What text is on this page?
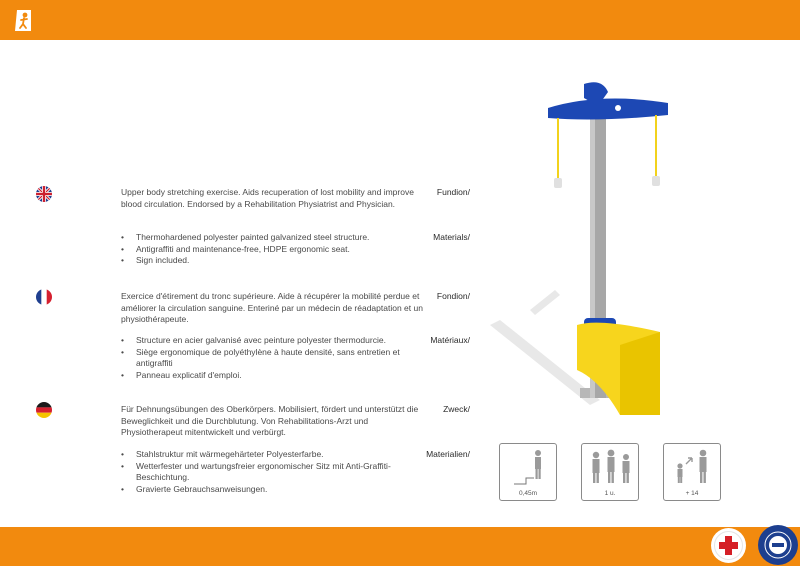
Fundion/
Upper body stretching exercise. Aids recuperation of lost mobility and improve blood circulation. Endorsed by a Rehabilitation Physiatrist and Physician.
Materials/
• Thermohardened polyester painted galvanized steel structure.
• Antigraffiti and maintenance-free, HDPE ergonomic seat.
• Sign included.
Fondion/
Exercice d'étirement du tronc supérieure. Aide à récupérer la mobilité perdue et améliorer la circulation sanguine. Enteriné par un médecin de réadaptation et un physiothérapeute.
Matériaux/
• Structure en acier galvanisé avec peinture polyester thermodurcie.
• Siège ergonomique de polyéthylène à haute densité, sans entretien et antigraffiti
• Panneau explicatif d'emploi.
Zweck/
Für Dehnungsübungen des Oberkörpers. Mobilisiert, fördert und unterstützt die Beweglichkeit und die Durchblutung. Von Rehabilitations-Arzt und Physiotherapeut mitentwickelt und verbürgt.
Materialien/
• Stahlstruktur mit wärmegehärteter Polyesterfarbe.
• Wetterfester und wartungsfreier ergonomischer Sitz mit Anti-Graffiti-Beschichtung.
• Gravierte Gebrauchsanweisungen.	0,45m	1 u.	+ 14
